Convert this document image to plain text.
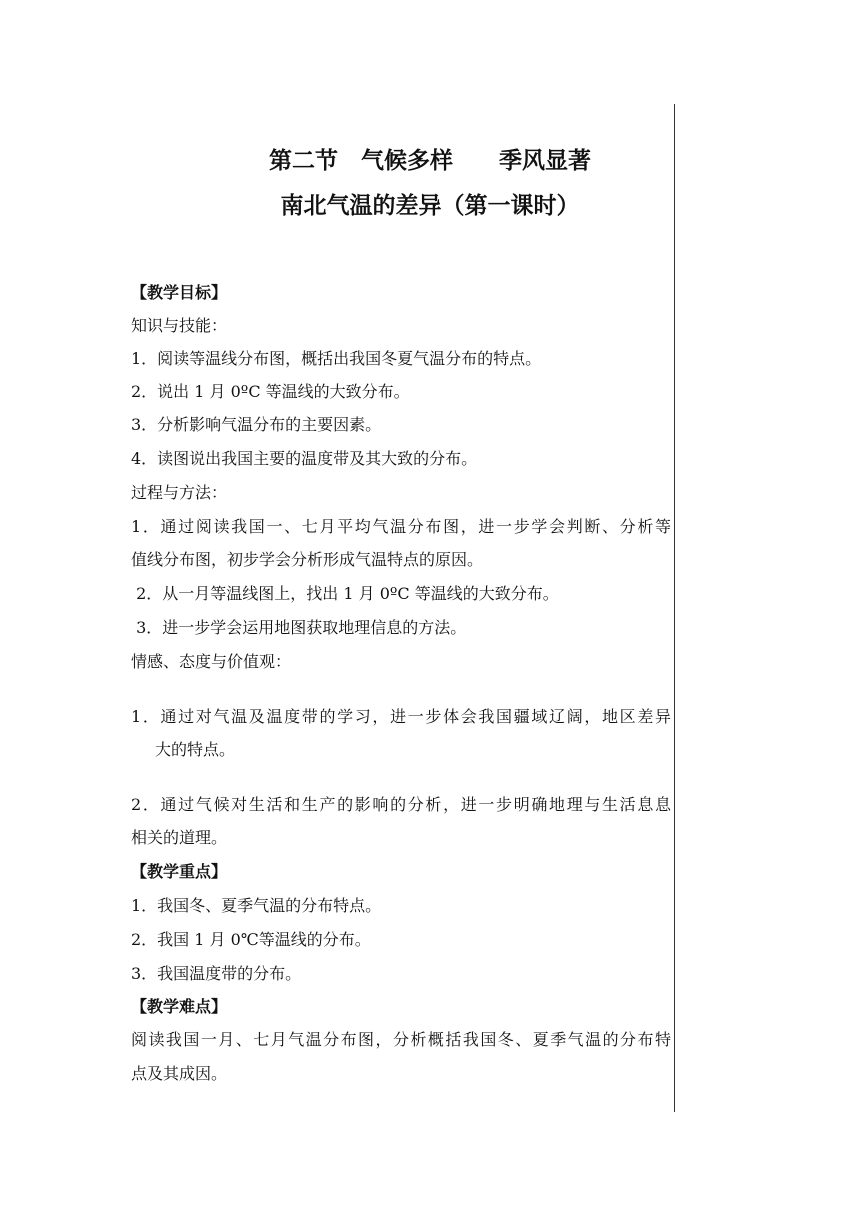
第二节　气候多样　　季风显著
南北气温的差异（第一课时）
【教学目标】
知识与技能：
1．阅读等温线分布图，概括出我国冬夏气温分布的特点。
2．说出 1 月 0ºC 等温线的大致分布。
3．分析影响气温分布的主要因素。
4．读图说出我国主要的温度带及其大致的分布。
过程与方法：
1．通过阅读我国一、七月平均气温分布图，进一步学会判断、分析等
值线分布图，初步学会分析形成气温特点的原因。
2．从一月等温线图上，找出 1 月 0ºC 等温线的大致分布。
3．进一步学会运用地图获取地理信息的方法。
情感、态度与价值观：
1．通过对气温及温度带的学习，进一步体会我国疆域辽阔，地区差异
大的特点。
2．通过气候对生活和生产的影响的分析，进一步明确地理与生活息息
相关的道理。
【教学重点】
1．我国冬、夏季气温的分布特点。
2．我国 1 月 0℃等温线的分布。
3．我国温度带的分布。
【教学难点】
阅读我国一月、七月气温分布图，分析概括我国冬、夏季气温的分布特
点及其成因。
